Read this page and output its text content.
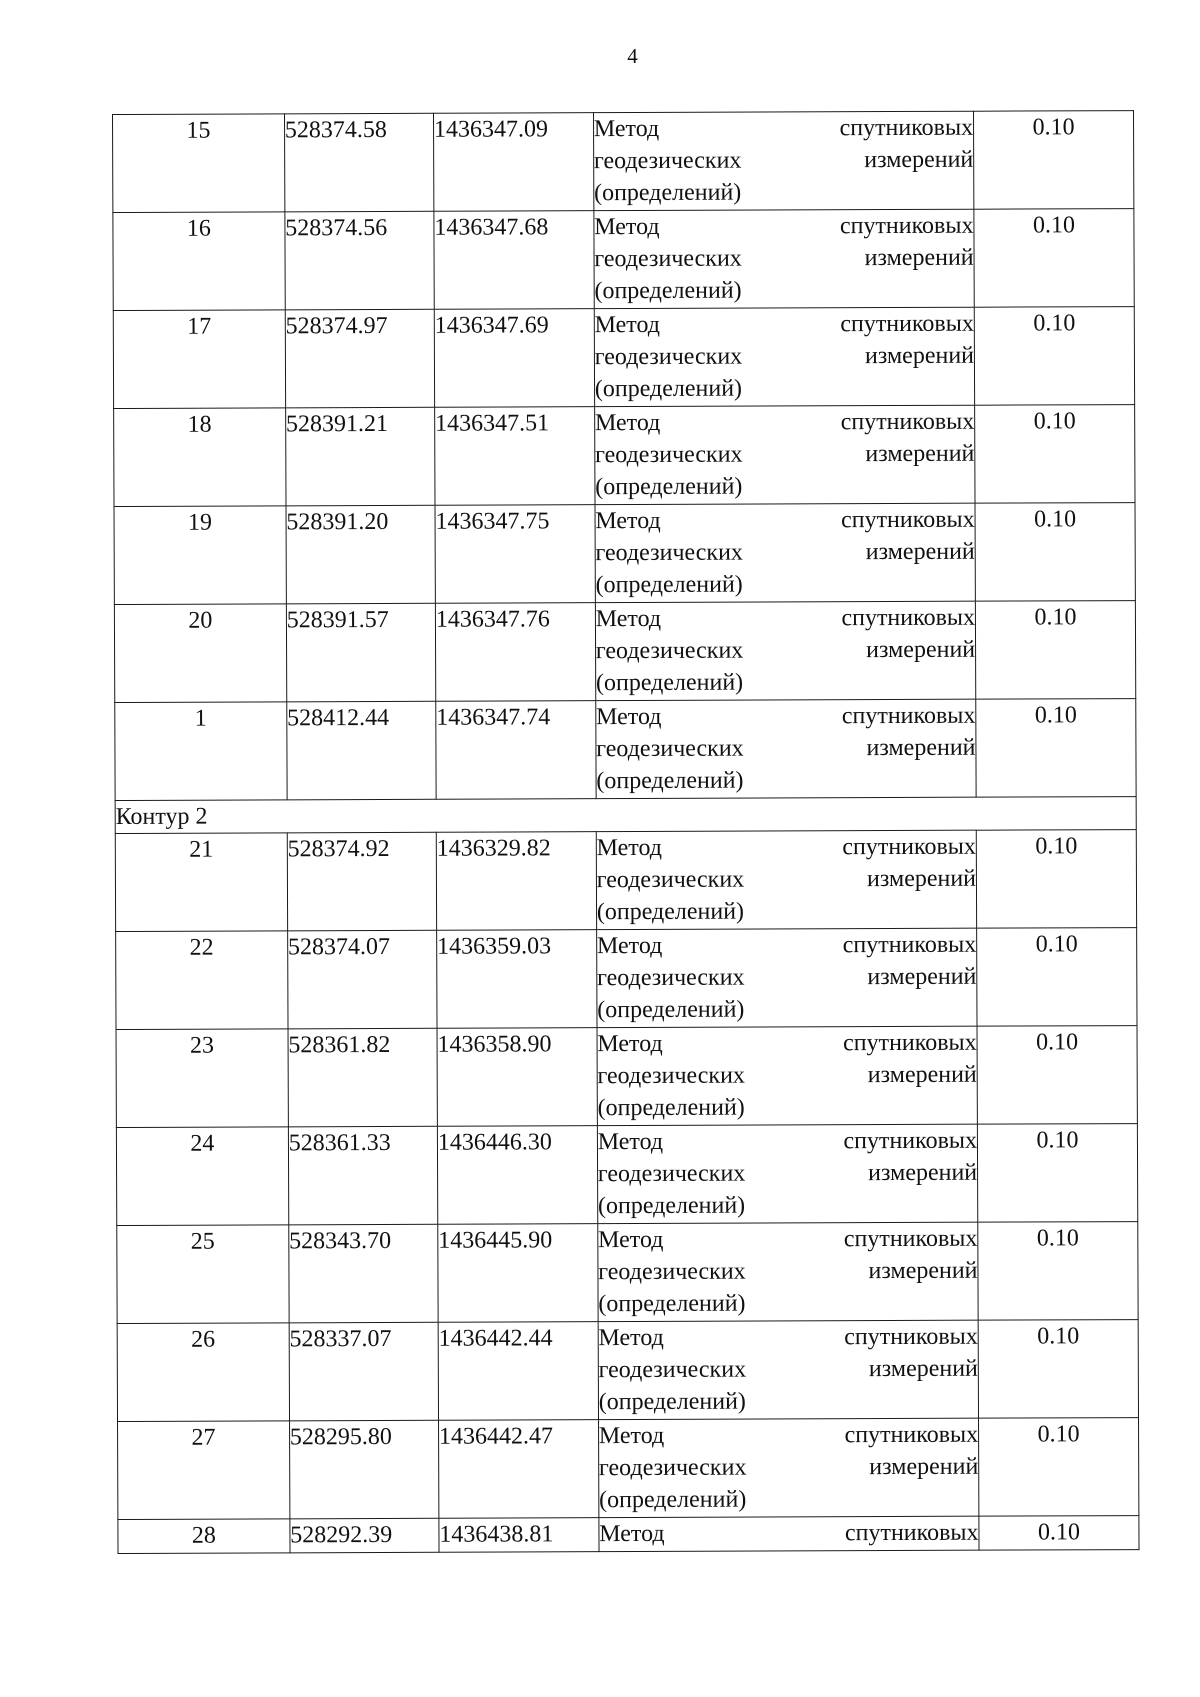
4
15	528374.58	1436347.09	Метод спутниковых
геодезических измерений
(определений)	0.10
16	528374.56	1436347.68	Метод спутниковых
геодезических измерений
(определений)	0.10
17	528374.97	1436347.69	Метод спутниковых
геодезических измерений
(определений)	0.10
18	528391.21	1436347.51	Метод спутниковых
геодезических измерений
(определений)	0.10
19	528391.20	1436347.75	Метод спутниковых
геодезических измерений
(определений)	0.10
20	528391.57	1436347.76	Метод спутниковых
геодезических измерений
(определений)	0.10
1	528412.44	1436347.74	Метод спутниковых
геодезических измерений
(определений)	0.10
Контур 2				
21	528374.92	1436329.82	Метод спутниковых
геодезических измерений
(определений)	0.10
22	528374.07	1436359.03	Метод спутниковых
геодезических измерений
(определений)	0.10
23	528361.82	1436358.90	Метод спутниковых
геодезических измерений
(определений)	0.10
24	528361.33	1436446.30	Метод спутниковых
геодезических измерений
(определений)	0.10
25	528343.70	1436445.90	Метод спутниковых
геодезических измерений
(определений)	0.10
26	528337.07	1436442.44	Метод спутниковых
геодезических измерений
(определений)	0.10
27	528295.80	1436442.47	Метод спутниковых
геодезических измерений
(определений)	0.10
28	528292.39	1436438.81	Метод спутниковых	0.10
